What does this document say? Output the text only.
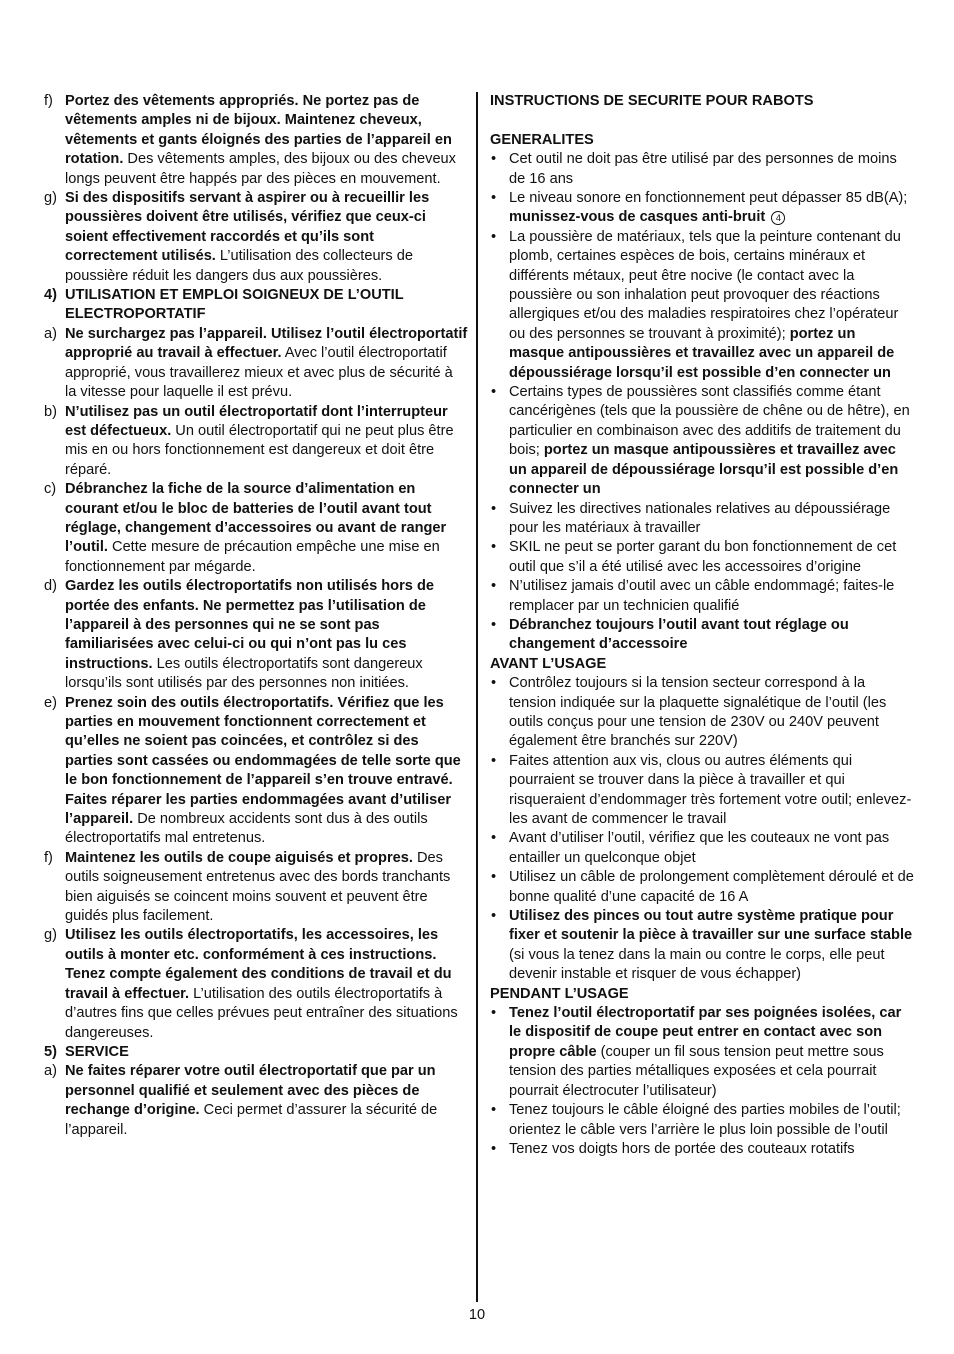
f) Portez des vêtements appropriés. Ne portez pas de vêtements amples ni de bijoux. Maintenez cheveux, vêtements et gants éloignés des parties de l’appareil en rotation. Des vêtements amples, des bijoux ou des cheveux longs peuvent être happés par des pièces en mouvement.

g) Si des dispositifs servant à aspirer ou à recueillir les poussières doivent être utilisés, vérifiez que ceux-ci soient effectivement raccordés et qu’ils sont correctement utilisés. L’utilisation des collecteurs de poussière réduit les dangers dus aux poussières.

4) UTILISATION ET EMPLOI SOIGNEUX DE L’OUTIL ELECTROPORTATIF

a) Ne surchargez pas l’appareil. Utilisez l’outil électroportatif approprié au travail à effectuer. Avec l’outil électroportatif approprié, vous travaillerez mieux et avec plus de sécurité à la vitesse pour laquelle il est prévu.

b) N’utilisez pas un outil électroportatif dont l’interrupteur est défectueux. Un outil électroportatif qui ne peut plus être mis en ou hors fonctionnement est dangereux et doit être réparé.

c) Débranchez la fiche de la source d’alimentation en courant et/ou le bloc de batteries de l’outil avant tout réglage, changement d’accessoires ou avant de ranger l’outil. Cette mesure de précaution empêche une mise en fonctionnement par mégarde.

d) Gardez les outils électroportatifs non utilisés hors de portée des enfants. Ne permettez pas l’utilisation de l’appareil à des personnes qui ne se sont pas familiarisées avec celui-ci ou qui n’ont pas lu ces instructions. Les outils électroportatifs sont dangereux lorsqu’ils sont utilisés par des personnes non initiées.

e) Prenez soin des outils électroportatifs. Vérifiez que les parties en mouvement fonctionnent correctement et qu’elles ne soient pas coincées, et contrôlez si des parties sont cassées ou endommagées de telle sorte que le bon fonctionnement de l’appareil s’en trouve entravé. Faites réparer les parties endommagées avant d’utiliser l’appareil. De nombreux accidents sont dus à des outils électroportatifs mal entretenus.

f) Maintenez les outils de coupe aiguisés et propres. Des outils soigneusement entretenus avec des bords tranchants bien aiguisés se coincent moins souvent et peuvent être guidés plus facilement.

g) Utilisez les outils électroportatifs, les accessoires, les outils à monter etc. conformément à ces instructions. Tenez compte également des conditions de travail et du travail à effectuer. L’utilisation des outils électroportatifs à d’autres fins que celles prévues peut entraîner des situations dangereuses.

5) SERVICE

a) Ne faites réparer votre outil électroportatif que par un personnel qualifié et seulement avec des pièces de rechange d’origine. Ceci permet d’assurer la sécurité de l’appareil.

INSTRUCTIONS DE SECURITE POUR RABOTS

GENERALITES

• Cet outil ne doit pas être utilisé par des personnes de moins de 16 ans

• Le niveau sonore en fonctionnement peut dépasser 85 dB(A); munissez-vous de casques anti-bruit 4

• La poussière de matériaux, tels que la peinture contenant du plomb, certaines espèces de bois, certains minéraux et différents métaux, peut être nocive (le contact avec la poussière ou son inhalation peut provoquer des réactions allergiques et/ou des maladies respiratoires chez l’opérateur ou des personnes se trouvant à proximité); portez un masque antipoussières et travaillez avec un appareil de dépoussiérage lorsqu’il est possible d’en connecter un

• Certains types de poussières sont classifiés comme étant cancérigènes (tels que la poussière de chêne ou de hêtre), en particulier en combinaison avec des additifs de traitement du bois; portez un masque antipoussières et travaillez avec un appareil de dépoussiérage lorsqu’il est possible d’en connecter un

• Suivez les directives nationales relatives au dépoussiérage pour les matériaux à travailler

• SKIL ne peut se porter garant du bon fonctionnement de cet outil que s’il a été utilisé avec les accessoires d’origine

• N’utilisez jamais d’outil avec un câble endommagé; faites-le remplacer par un technicien qualifié

• Débranchez toujours l’outil avant tout réglage ou changement d’accessoire

AVANT L’USAGE

• Contrôlez toujours si la tension secteur correspond à la tension indiquée sur la plaquette signalétique de l’outil (les outils conçus pour une tension de 230V ou 240V peuvent également être branchés sur 220V)

• Faites attention aux vis, clous ou autres éléments qui pourraient se trouver dans la pièce à travailler et qui risqueraient d’endommager très fortement votre outil; enlevez-les avant de commencer le travail

• Avant d’utiliser l’outil, vérifiez que les couteaux ne vont pas entailler un quelconque objet

• Utilisez un câble de prolongement complètement déroulé et de bonne qualité d’une capacité de 16 A

• Utilisez des pinces ou tout autre système pratique pour fixer et soutenir la pièce à travailler sur une surface stable (si vous la tenez dans la main ou contre le corps, elle peut devenir instable et risquer de vous échapper)

PENDANT L’USAGE

• Tenez l’outil électroportatif par ses poignées isolées, car le dispositif de coupe peut entrer en contact avec son propre câble (couper un fil sous tension peut mettre sous tension des parties métalliques exposées et cela pourrait pourrait électrocuter l’utilisateur)

• Tenez toujours le câble éloigné des parties mobiles de l’outil; orientez le câble vers l’arrière le plus loin possible de l’outil

• Tenez vos doigts hors de portée des couteaux rotatifs

10
